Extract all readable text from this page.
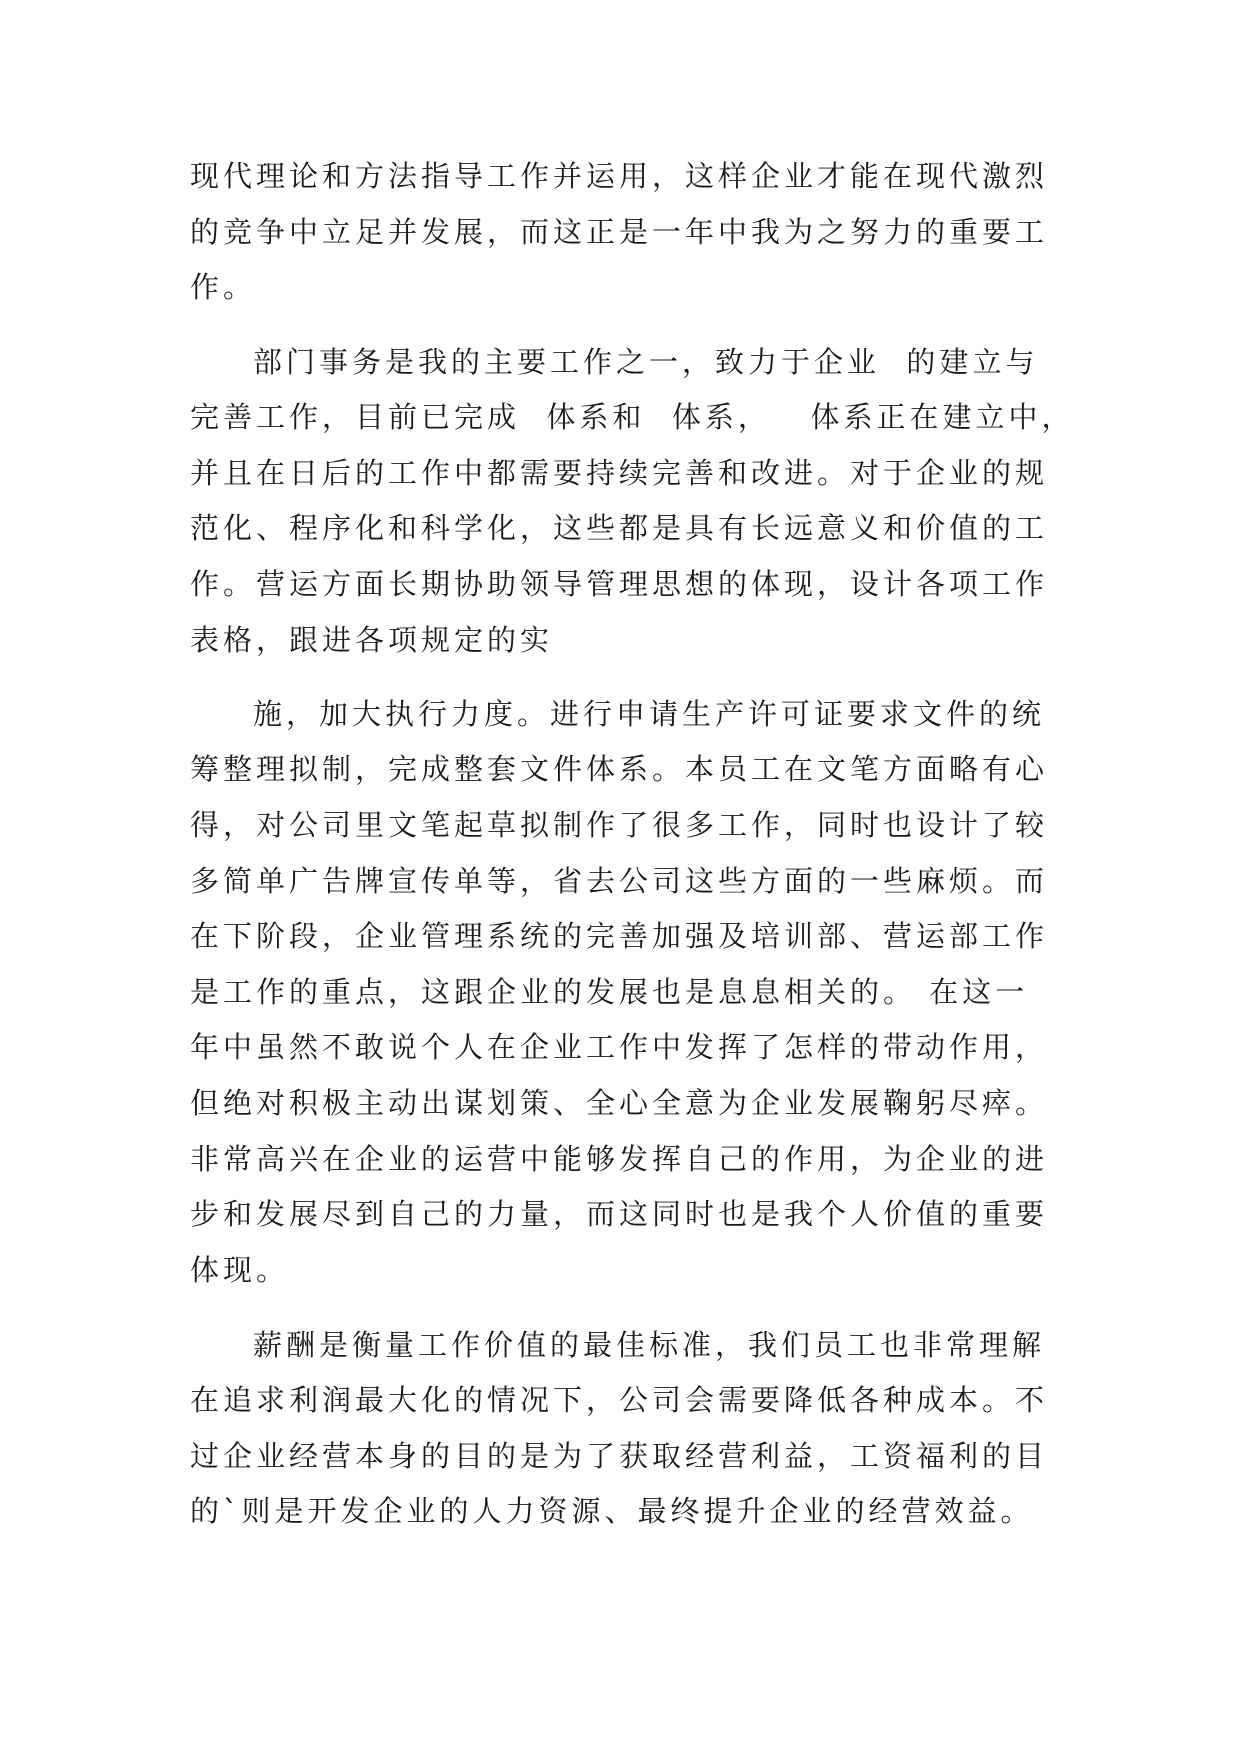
现代理论和方法指导工作并运用，这样企业才能在现代激烈
的竞争中立足并发展，而这正是一年中我为之努力的重要工
作。
部门事务是我的主要工作之一，致力于企业  的建立与
完善工作，目前已完成  体系和  体系，   体系正在建立中，
并且在日后的工作中都需要持续完善和改进。对于企业的规
范化、程序化和科学化，这些都是具有长远意义和价值的工
作。营运方面长期协助领导管理思想的体现，设计各项工作
表格，跟进各项规定的实
施，加大执行力度。进行申请生产许可证要求文件的统
筹整理拟制，完成整套文件体系。本员工在文笔方面略有心
得，对公司里文笔起草拟制作了很多工作，同时也设计了较
多简单广告牌宣传单等，省去公司这些方面的一些麻烦。而
在下阶段，企业管理系统的完善加强及培训部、营运部工作
是工作的重点，这跟企业的发展也是息息相关的。 在这一
年中虽然不敢说个人在企业工作中发挥了怎样的带动作用，
但绝对积极主动出谋划策、全心全意为企业发展鞠躬尽瘁。
非常高兴在企业的运营中能够发挥自己的作用，为企业的进
步和发展尽到自己的力量，而这同时也是我个人价值的重要
体现。
薪酬是衡量工作价值的最佳标准，我们员工也非常理解
在追求利润最大化的情况下，公司会需要降低各种成本。不
过企业经营本身的目的是为了获取经营利益，工资福利的目
的`则是开发企业的人力资源、最终提升企业的经营效益。
